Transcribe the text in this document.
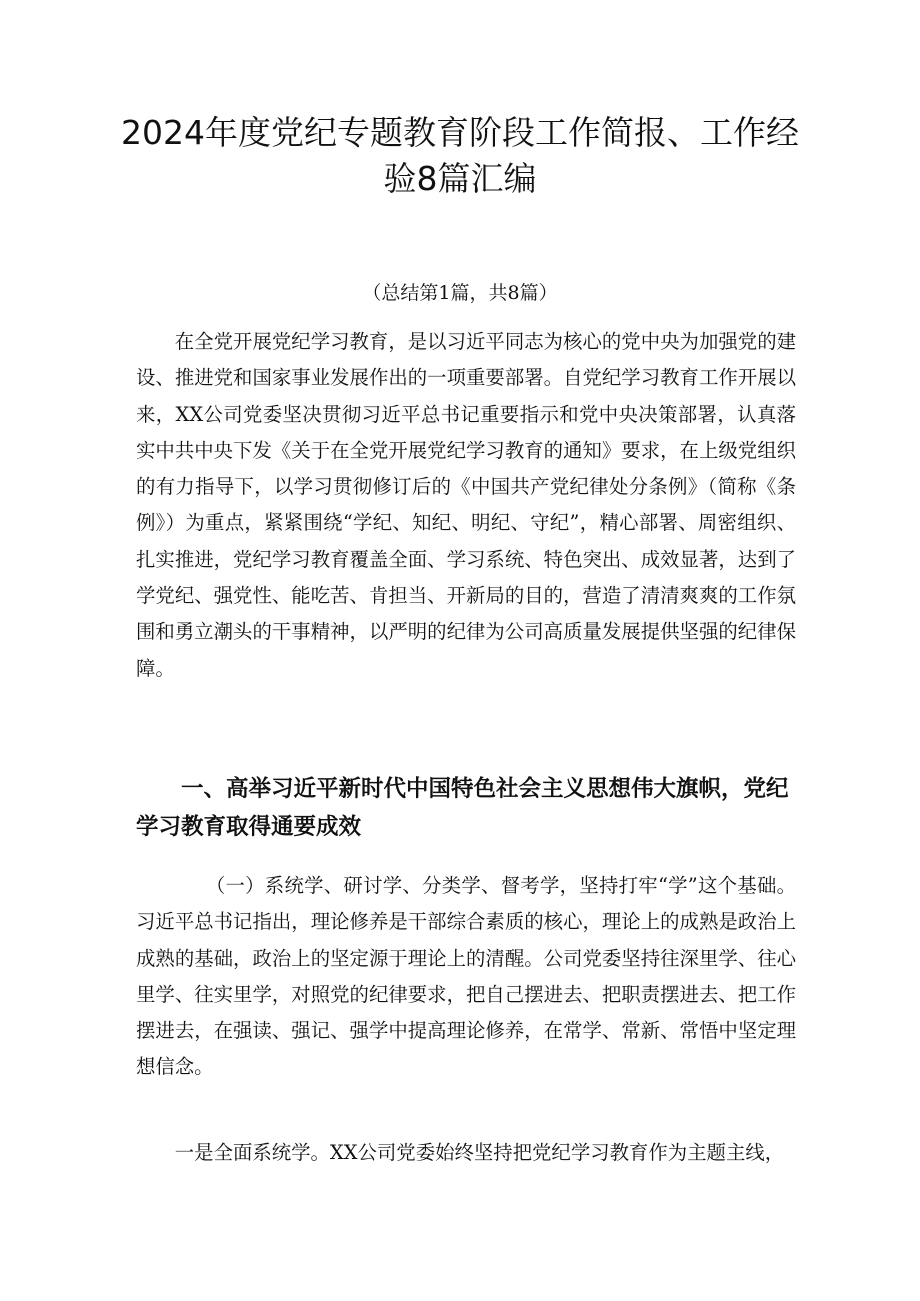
2024年度党纪专题教育阶段工作简报、工作经验8篇汇编
（总结第1篇，共8篇）

在全党开展党纪学习教育，是以习近平同志为核心的党中央为加强党的建设、推进党和国家事业发展作出的一项重要部署。自党纪学习教育工作开展以来，XX公司党委坚决贯彻习近平总书记重要指示和党中央决策部署，认真落实中共中央下发《关于在全党开展党纪学习教育的通知》要求，在上级党组织的有力指导下，以学习贯彻修订后的《中国共产党纪律处分条例》（简称《条例》）为重点，紧紧围绕“学纪、知纪、明纪、守纪”，精心部署、周密组织、扎实推进，党纪学习教育覆盖全面、学习系统、特色突出、成效显著，达到了学党纪、强党性、能吃苦、肯担当、开新局的目的，营造了清清爽爽的工作氛围和勇立潮头的干事精神，以严明的纪律为公司高质量发展提供坚强的纪律保障。

一、高举习近平新时代中国特色社会主义思想伟大旗帜，党纪学习教育取得通要成效

（一）系统学、研讨学、分类学、督考学，坚持打牢“学”这个基础。习近平总书记指出，理论修养是干部综合素质的核心，理论上的成熟是政治上成熟的基础，政治上的坚定源于理论上的清醒。公司党委坚持往深里学、往心里学、往实里学，对照党的纪律要求，把自己摆进去、把职责摆进去、把工作摆进去，在强读、强记、强学中提高理论修养，在常学、常新、常悟中坚定理想信念。

一是全面系统学。XX公司党委始终坚持把党纪学习教育作为主题主线，
